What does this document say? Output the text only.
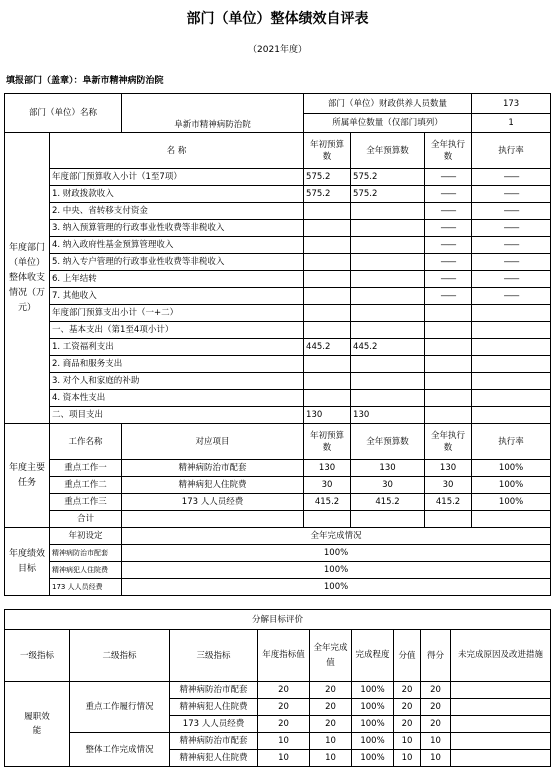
部门（单位）整体绩效自评表
（2021年度）
填报部门（盖章）：阜新市精神病防治院
部门（单位）名称		阜新市精神病防治院	部门（单位）财政供养人员数量			173
			所属单位数量（仅部门填列）			1
年度部门（单位）整体收支情况（万元）	名 称		年初预算数	全年预算数	全年执行数	执行率
	年度部门预算收入小计（1至7项）		575.2	575.2	——	——
	1. 财政拨款收入		575.2	575.2	——	——
	2. 中央、省转移支付资金				——	——
	3. 纳入预算管理的行政事业性收费等非税收入				——	——
	4. 纳入政府性基金预算管理收入				——	——
	5. 纳入专户管理的行政事业性收费等非税收入				——	——
	6. 上年结转				——	——
	7. 其他收入				——	——
	年度部门预算支出小计（一+二）					
	一、基本支出（第1至4项小计）					
	1. 工资福利支出		445.2	445.2		
	2. 商品和服务支出					
	3. 对个人和家庭的补助					
	4. 资本性支出					
	二、项目支出		130	130		
年度主要任务	工作名称	对应项目	年初预算数	全年预算数	全年执行数	执行率
	重点工作一	精神病防治市配套	130	130	130	100%
	重点工作二	精神病犯人住院费	30	30	30	100%
	重点工作三	173 人人员经费	415.2	415.2	415.2	100%
	合计					
年度绩效目标	年初设定	全年完成情况				
	精神病防治市配套	100%				
	精神病犯人住院费	100%				
	173 人人员经费	100%				
分解目标评价								
一级指标	二级指标	三级指标	年度指标值	全年完成值	完成程度	分值	得分	未完成原因及改进措施
履职效能	重点工作履行情况	精神病防治市配套	20	20	100%	20	20	
		精神病犯人住院费	20	20	100%	20	20	
		173 人人员经费	20	20	100%	20	20	
	整体工作完成情况	精神病防治市配套	10	10	100%	10	10	
		精神病犯人住院费	10	10	100%	10	10	
